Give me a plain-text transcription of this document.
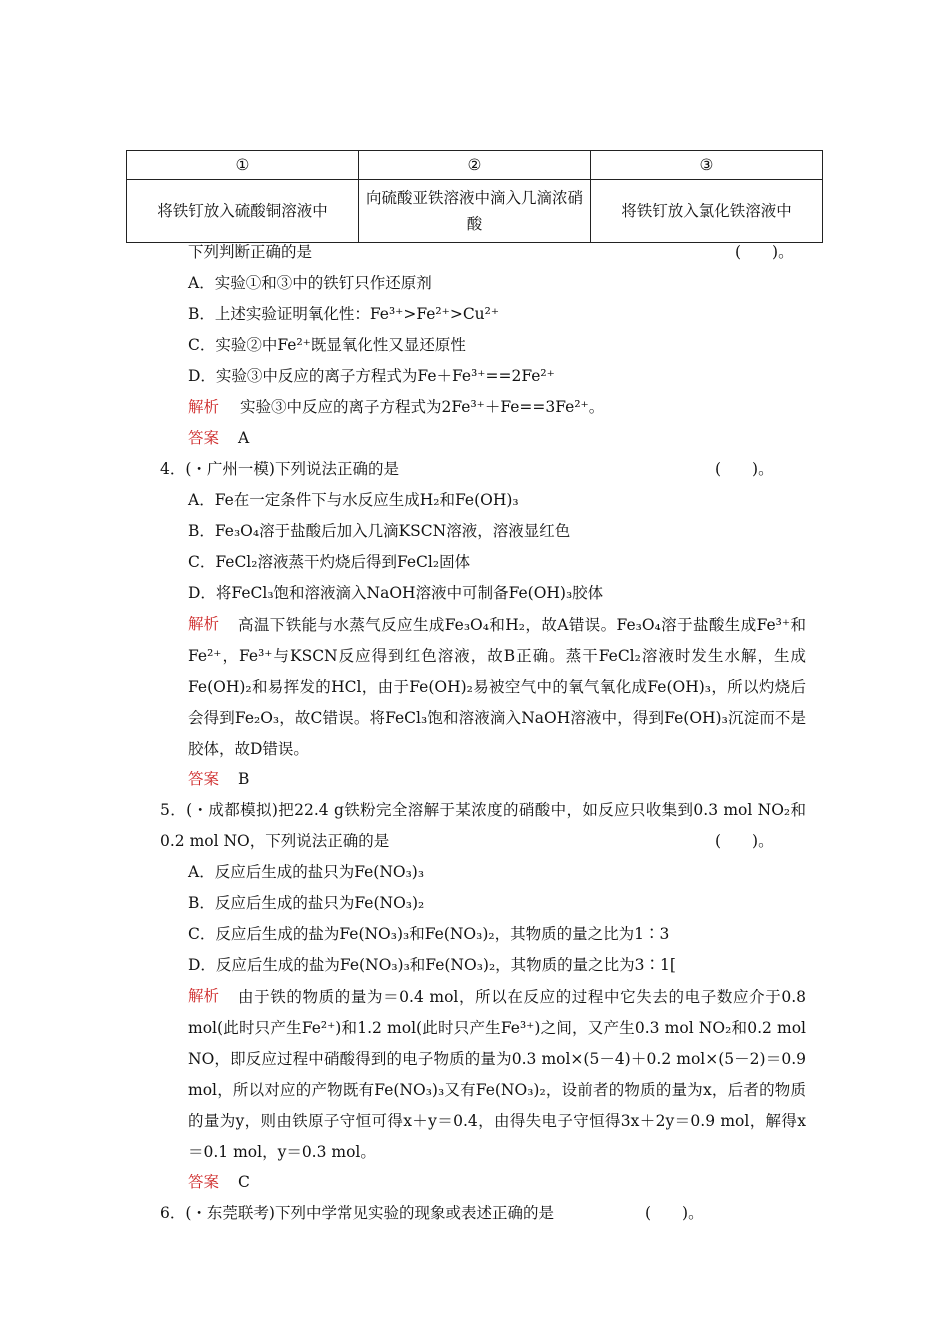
①	②	③
将铁钉放入硫酸铜溶液中	向硫酸亚铁溶液中滴入几滴浓硝酸	将铁钉放入氯化铁溶液中
下列判断正确的是	(　　)。
A．实验①和③中的铁钉只作还原剂
B．上述实验证明氧化性：Fe³⁺>Fe²⁺>Cu²⁺
C．实验②中Fe²⁺既显氧化性又显还原性
D．实验③中反应的离子方程式为Fe＋Fe³⁺==2Fe²⁺
解析 实验③中反应的离子方程式为2Fe³⁺＋Fe==3Fe²⁺。
答案 A
4．(・广州一模)下列说法正确的是	(　　)。
A．Fe在一定条件下与水反应生成H₂和Fe(OH)₃
B．Fe₃O₄溶于盐酸后加入几滴KSCN溶液，溶液显红色
C．FeCl₂溶液蒸干灼烧后得到FeCl₂固体
D．将FeCl₃饱和溶液滴入NaOH溶液中可制备Fe(OH)₃胶体
解析	高温下铁能与水蒸气反应生成Fe₃O₄和H₂，故A错误。Fe₃O₄溶于盐酸生成Fe³⁺和Fe²⁺，Fe³⁺与KSCN反应得到红色溶液，故B正确。蒸干FeCl₂溶液时发生水解，生成Fe(OH)₂和易挥发的HCl，由于Fe(OH)₂易被空气中的氧气氧化成Fe(OH)₃，所以灼烧后会得到Fe₂O₃，故C错误。将FeCl₃饱和溶液滴入NaOH溶液中，得到Fe(OH)₃沉淀而不是胶体，故D错误。
答案 B
5．(・成都模拟)把22.4 g铁粉完全溶解于某浓度的硝酸中，如反应只收集到0.3 mol NO₂和0.2 mol NO，下列说法正确的是	(　　)。
A．反应后生成的盐只为Fe(NO₃)₃
B．反应后生成的盐只为Fe(NO₃)₂
C．反应后生成的盐为Fe(NO₃)₃和Fe(NO₃)₂，其物质的量之比为1∶3
D．反应后生成的盐为Fe(NO₃)₃和Fe(NO₃)₂，其物质的量之比为3∶1[
解析	由于铁的物质的量为＝0.4 mol，所以在反应的过程中它失去的电子数应介于0.8 mol(此时只产生Fe²⁺)和1.2 mol(此时只产生Fe³⁺)之间，又产生0.3 mol NO₂和0.2 mol NO，即反应过程中硝酸得到的电子物质的量为0.3 mol×(5－4)＋0.2 mol×(5－2)＝0.9 mol，所以对应的产物既有Fe(NO₃)₃又有Fe(NO₃)₂，设前者的物质的量为x，后者的物质的量为y，则由铁原子守恒可得x＋y＝0.4，由得失电子守恒得3x＋2y＝0.9 mol，解得x＝0.1 mol，y＝0.3 mol。
答案 C
6．(・东莞联考)下列中学常见实验的现象或表述正确的是	(　　)。
